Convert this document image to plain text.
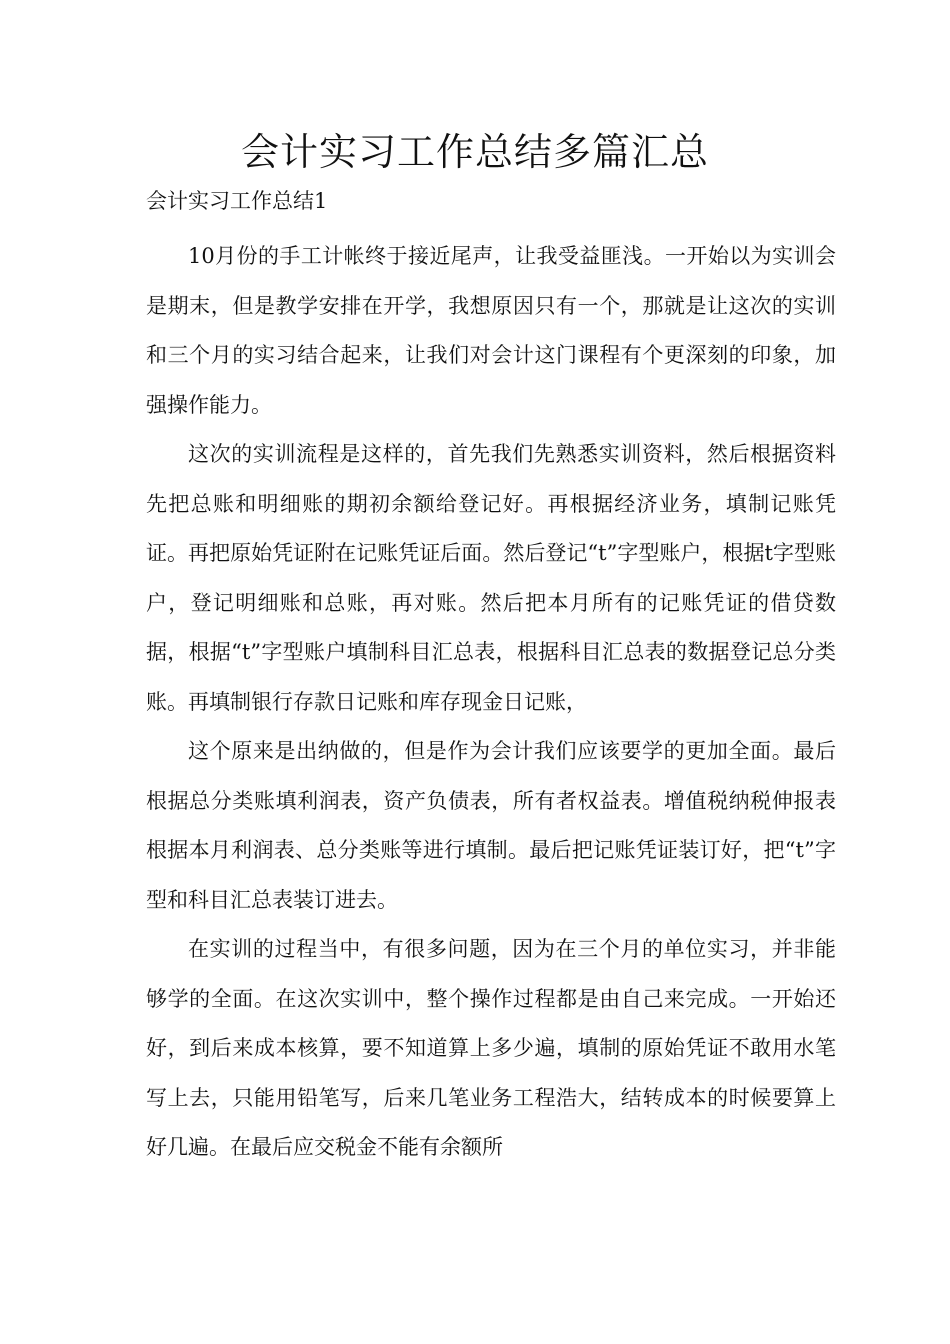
会计实习工作总结多篇汇总
会计实习工作总结1

10月份的手工计帐终于接近尾声，让我受益匪浅。一开始以为实训会是期末，但是教学安排在开学，我想原因只有一个，那就是让这次的实训和三个月的实习结合起来，让我们对会计这门课程有个更深刻的印象，加强操作能力。

这次的实训流程是这样的，首先我们先熟悉实训资料，然后根据资料先把总账和明细账的期初余额给登记好。再根据经济业务，填制记账凭证。再把原始凭证附在记账凭证后面。然后登记“t”字型账户，根据t字型账户，登记明细账和总账，再对账。然后把本月所有的记账凭证的借贷数据，根据“t”字型账户填制科目汇总表，根据科目汇总表的数据登记总分类账。再填制银行存款日记账和库存现金日记账，

这个原来是出纳做的，但是作为会计我们应该要学的更加全面。最后根据总分类账填利润表，资产负债表，所有者权益表。增值税纳税伸报表根据本月利润表、总分类账等进行填制。最后把记账凭证装订好，把“t”字型和科目汇总表装订进去。

在实训的过程当中，有很多问题，因为在三个月的单位实习，并非能够学的全面。在这次实训中，整个操作过程都是由自己来完成。一开始还好，到后来成本核算，要不知道算上多少遍，填制的原始凭证不敢用水笔写上去，只能用铅笔写，后来几笔业务工程浩大，结转成本的时候要算上好几遍。在最后应交税金不能有余额所
